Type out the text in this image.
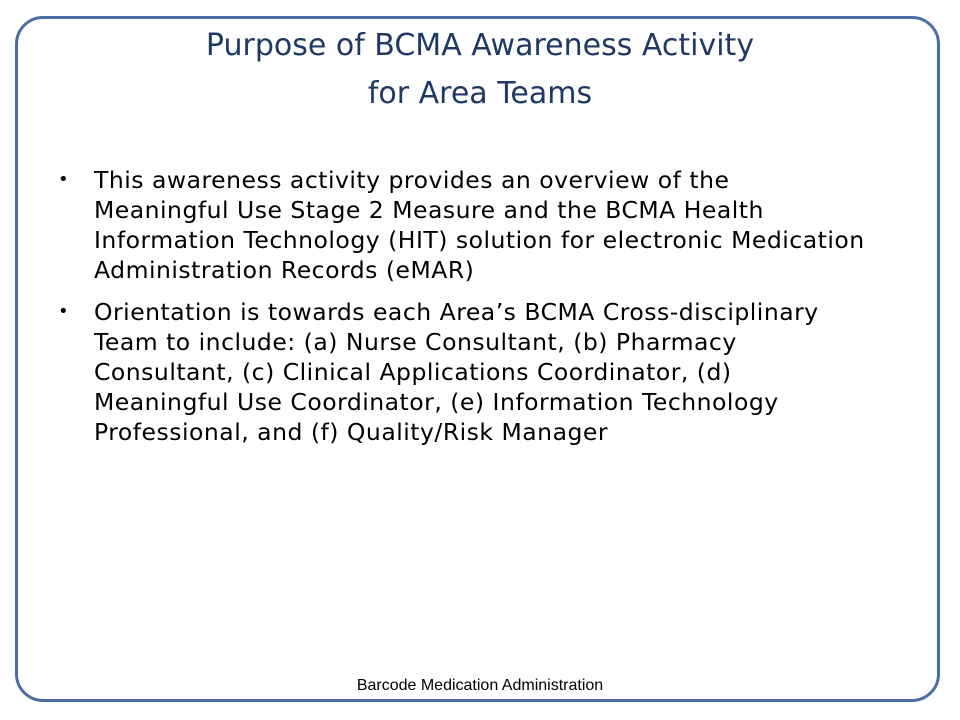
Purpose of BCMA Awareness Activity
for Area Teams
•	This awareness activity provides an overview of the Meaningful Use Stage 2 Measure and the BCMA Health Information Technology (HIT) solution for electronic Medication Administration Records (eMAR)
•	Orientation is towards each Area’s BCMA Cross-disciplinary Team to include: (a) Nurse Consultant, (b) Pharmacy Consultant, (c) Clinical Applications Coordinator, (d) Meaningful Use Coordinator, (e) Information Technology Professional, and (f) Quality/Risk Manager
Barcode Medication Administration
